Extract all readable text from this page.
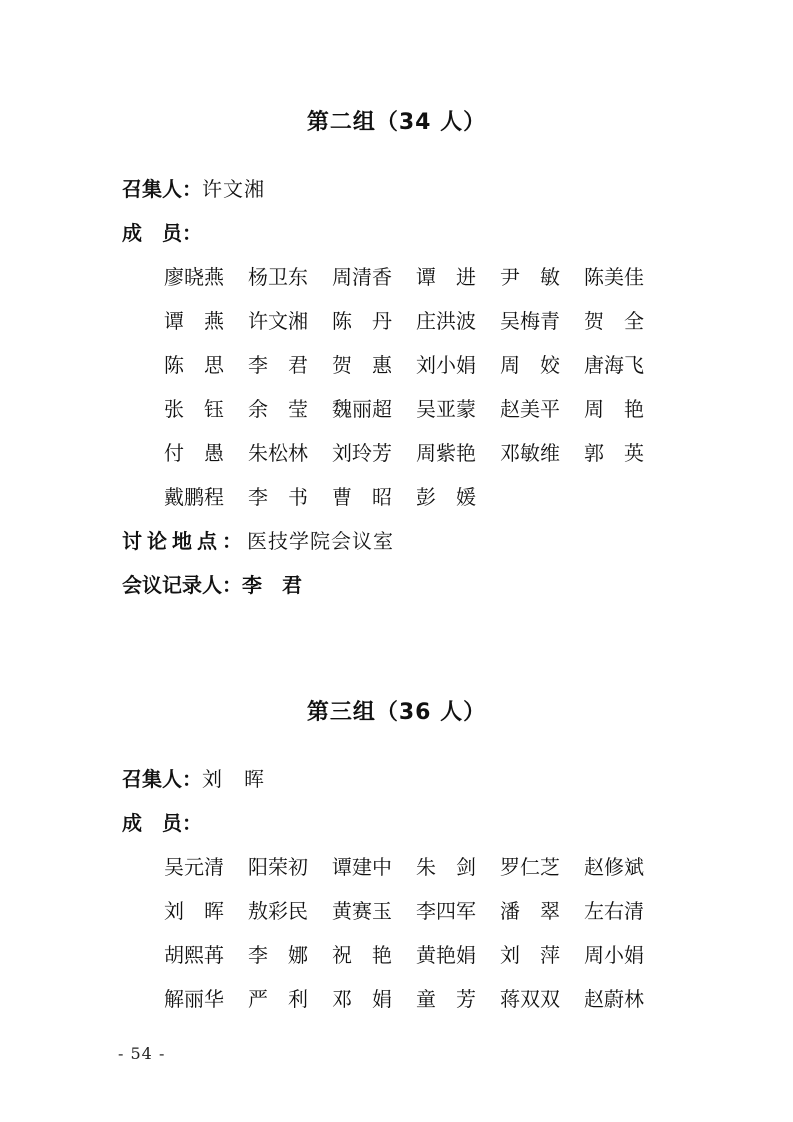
第二组（34 人）
召集人：许文湘
成　员：
廖晓燕	杨卫东	周清香	谭　进	尹　敏	陈美佳
谭　燕	许文湘	陈　丹	庄洪波	吴梅青	贺　全
陈　思	李　君	贺　惠	刘小娟	周　姣	唐海飞
张　钰	余　莹	魏丽超	吴亚蒙	赵美平	周　艳
付　愚	朱松林	刘玲芳	周紫艳	邓敏维	郭　英
戴鹏程	李　书	曹　昭	彭　媛
讨论地点：医技学院会议室
会议记录人：李　君
第三组（36 人）
召集人：刘　晖
成　员：
吴元清	阳荣初	谭建中	朱　剑	罗仁芝	赵修斌
刘　晖	敖彩民	黄赛玉	李四军	潘　翠	左右清
胡熙苒	李　娜	祝　艳	黄艳娟	刘　萍	周小娟
解丽华	严　利	邓　娟	童　芳	蒋双双	赵蔚林
- 54 -
